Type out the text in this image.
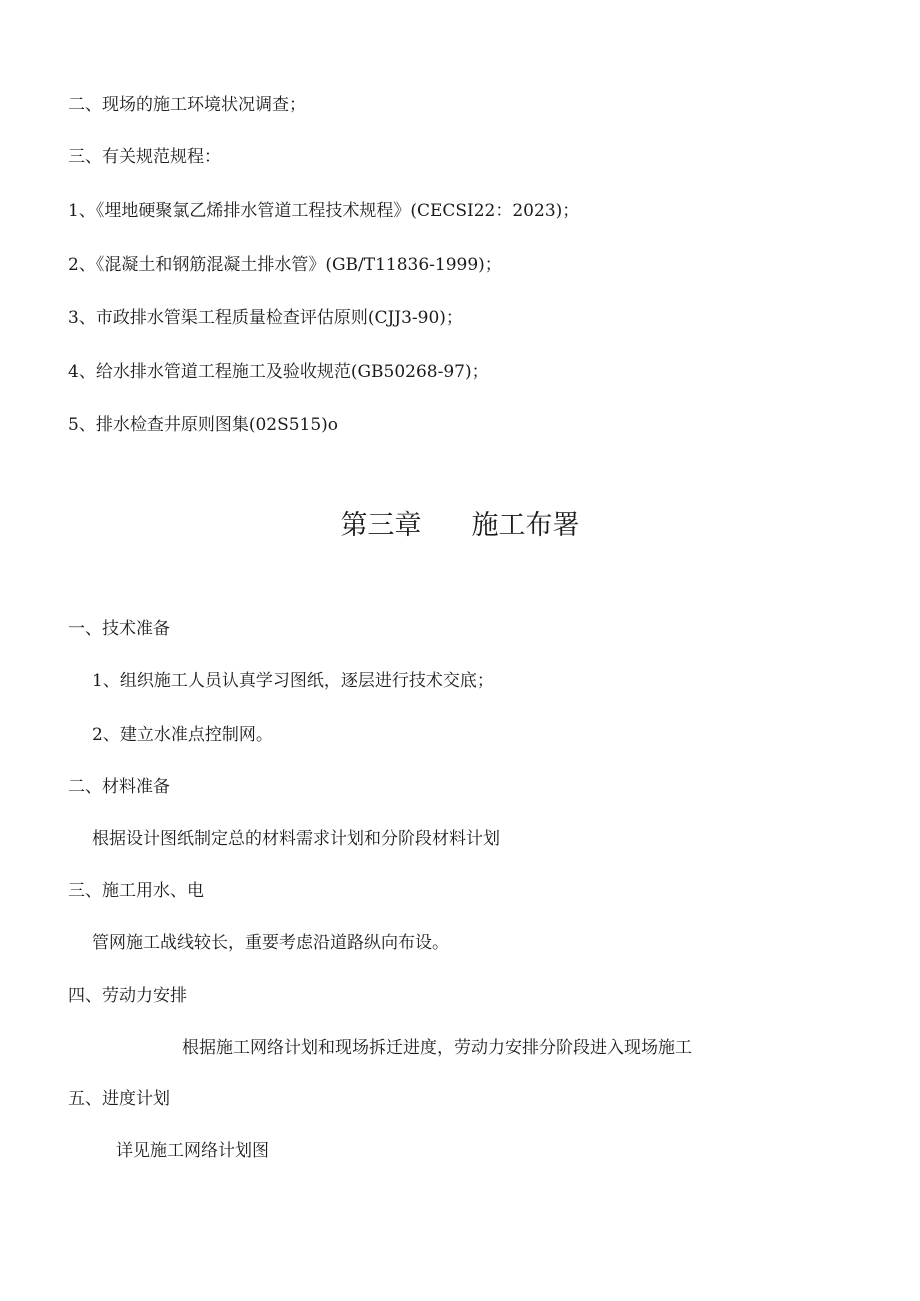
二、现场的施工环境状况调查；

三、有关规范规程：

1、《埋地硬聚氯乙烯排水管道工程技术规程》(CECSI22：2023)；

2、《混凝土和钢筋混凝土排水管》(GB/T11836-1999)；

3、市政排水管渠工程质量检查评估原则(CJJ3-90)；

4、给水排水管道工程施工及验收规范(GB50268-97)；

5、排水检查井原则图集(02S515)o

第三章 施工布署
一、技术准备

1、组织施工人员认真学习图纸，逐层进行技术交底；

2、建立水准点控制网。

二、材料准备

根据设计图纸制定总的材料需求计划和分阶段材料计划

三、施工用水、电

管网施工战线较长，重要考虑沿道路纵向布设。

四、劳动力安排

根据施工网络计划和现场拆迁进度，劳动力安排分阶段进入现场施工

五、进度计划

详见施工网络计划图
